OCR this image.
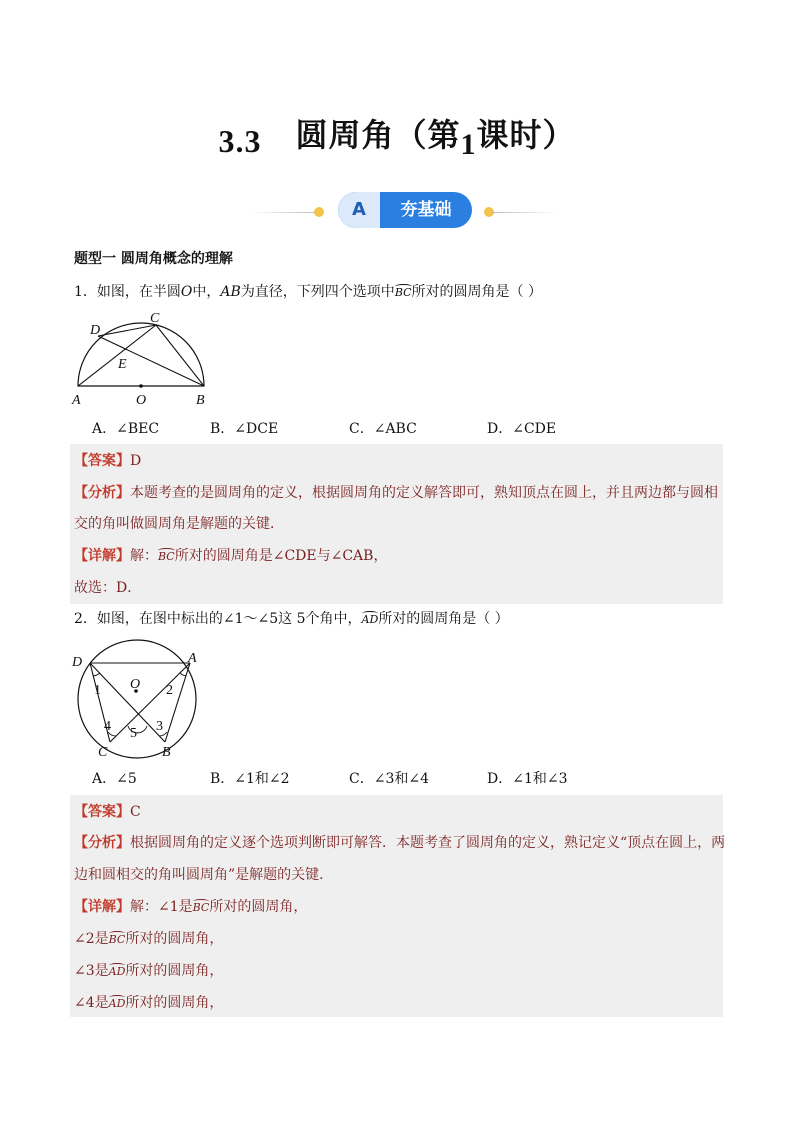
3.3 圆周角（第1课时）
A	夯基础
题型一 圆周角概念的理解
1．如图，在半圆O中，AB为直径，下列四个选项中BC所对的圆周角是（ ）
D
C
E
A	O	B
A．∠BEC	B．∠DCE	C．∠ABC	D．∠CDE
【答案】D
【分析】本题考查的是圆周角的定义，根据圆周角的定义解答即可，熟知顶点在圆上，并且两边都与圆相
交的角叫做圆周角是解题的关键．
【详解】解：BC所对的圆周角是∠CDE与∠CAB，
故选：D．
2．如图，在图中标出的∠1～∠5这 5个角中，AD所对的圆周角是（ ）
D	A
O
1	2
3
4 5
C	B
A．∠5	B．∠1和∠2	C．∠3和∠4	D．∠1和∠3
【答案】C
【分析】根据圆周角的定义逐个选项判断即可解答．本题考查了圆周角的定义，熟记定义“顶点在圆上，两
边和圆相交的角叫圆周角”是解题的关键．
【详解】解：∠1是BC所对的圆周角，
∠2是BC所对的圆周角，
∠3是AD所对的圆周角，
∠4是AD所对的圆周角，
